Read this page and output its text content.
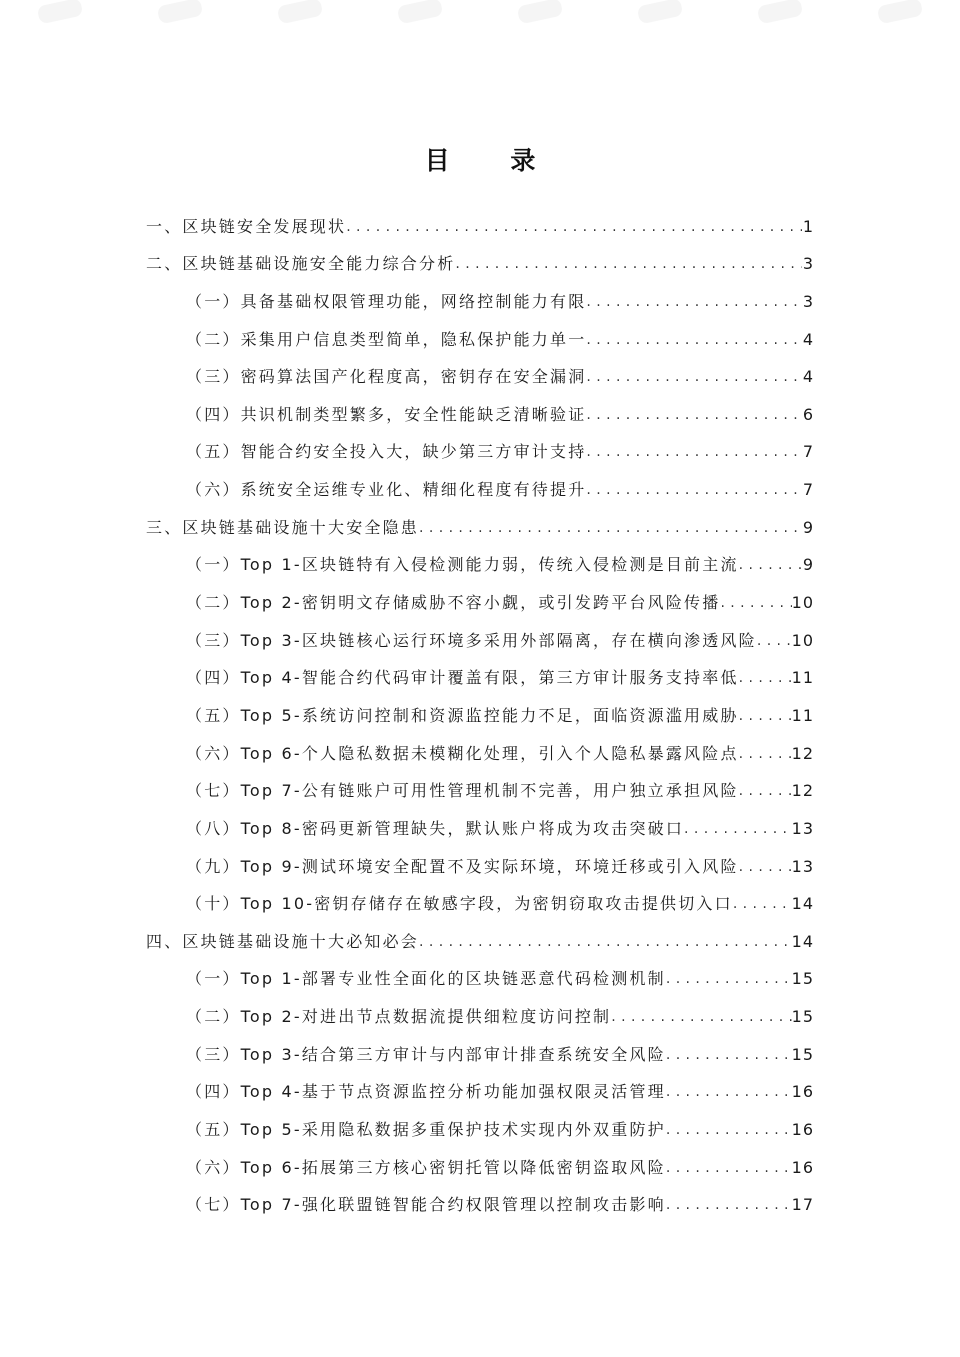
目 录
一、区块链安全发展现状 .....	1
二、区块链基础设施安全能力综合分析 .....	3
（一）具备基础权限管理功能，网络控制能力有限 .....	3
（二）采集用户信息类型简单，隐私保护能力单一 .....	4
（三）密码算法国产化程度高，密钥存在安全漏洞 .....	4
（四）共识机制类型繁多，安全性能缺乏清晰验证 .....	6
（五）智能合约安全投入大，缺少第三方审计支持 .....	7
（六）系统安全运维专业化、精细化程度有待提升 .....	7
三、区块链基础设施十大安全隐患 .....	9
（一）Top 1-区块链特有入侵检测能力弱，传统入侵检测是目前主流 .....	9
（二）Top 2-密钥明文存储威胁不容小觑，或引发跨平台风险传播 .....	10
（三）Top 3-区块链核心运行环境多采用外部隔离，存在横向渗透风险 ..... 10
（四）Top 4-智能合约代码审计覆盖有限，第三方审计服务支持率低 .....	11
（五）Top 5-系统访问控制和资源监控能力不足，面临资源滥用威胁 .....	11
（六）Top 6-个人隐私数据未模糊化处理，引入个人隐私暴露风险点 .....	12
（七）Top 7-公有链账户可用性管理机制不完善，用户独立承担风险 .....	12
（八）Top 8-密码更新管理缺失，默认账户将成为攻击突破口 .....	13
（九）Top 9-测试环境安全配置不及实际环境，环境迁移或引入风险 .....	13
（十）Top 10-密钥存储存在敏感字段，为密钥窃取攻击提供切入口 .....	14
四、区块链基础设施十大必知必会 .....	14
（一）Top 1-部署专业性全面化的区块链恶意代码检测机制 .....	15
（二）Top 2-对进出节点数据流提供细粒度访问控制 .....	15
（三）Top 3-结合第三方审计与内部审计排查系统安全风险 .....	15
（四）Top 4-基于节点资源监控分析功能加强权限灵活管理 .....	16
（五）Top 5-采用隐私数据多重保护技术实现内外双重防护 .....	16
（六）Top 6-拓展第三方核心密钥托管以降低密钥盗取风险 .....	16
（七）Top 7-强化联盟链智能合约权限管理以控制攻击影响 .....	17
